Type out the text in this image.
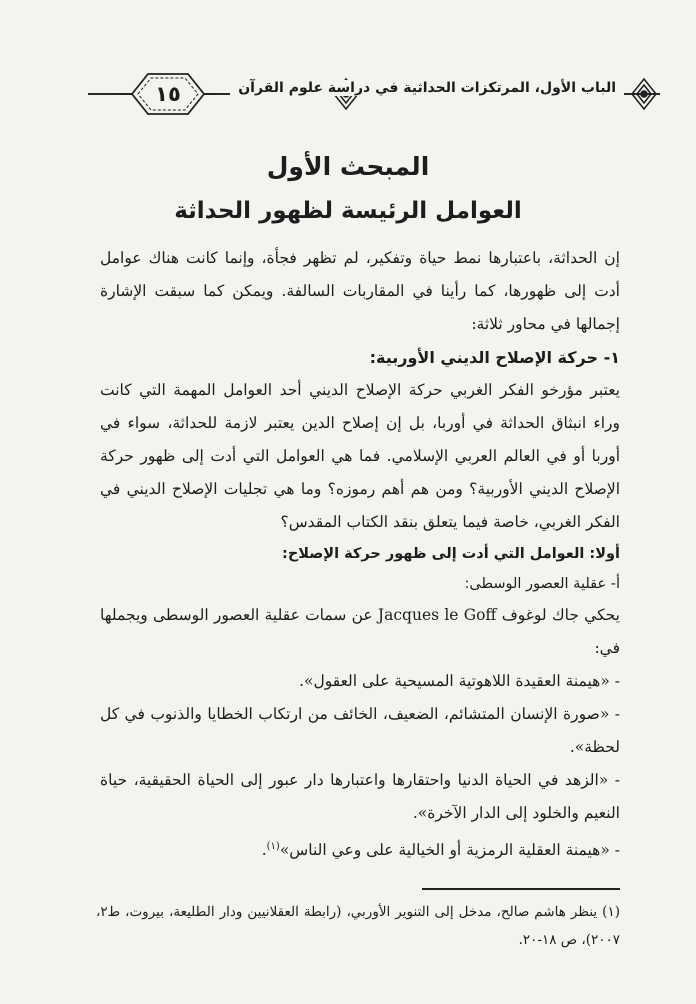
١٥	الباب الأول، المرتكزات الحداثية في دراسة علوم القرآن
المبحث الأول
العوامل الرئيسة لظهور الحداثة

إن الحداثة، باعتبارها نمط حياة وتفكير، لم تظهر فجأة، وإنما كانت هناك عوامل أدت إلى ظهورها، كما رأينا في المقاربات السالفة. ويمكن كما سبقت الإشارة إجمالها في محاور ثلاثة:

١- حركة الإصلاح الديني الأوربية:

يعتبر مؤرخو الفكر الغربي حركة الإصلاح الديني أحد العوامل المهمة التي كانت وراء انبثاق الحداثة في أوربا، بل إن إصلاح الدين يعتبر لازمة للحداثة، سواء في أوربا أو في العالم العربي الإسلامي. فما هي العوامل التي أدت إلى ظهور حركة الإصلاح الديني الأوربية؟ ومن هم أهم رموزه؟ وما هي تجليات الإصلاح الديني في الفكر الغربي، خاصة فيما يتعلق بنقد الكتاب المقدس؟

أولا: العوامل التي أدت إلى ظهور حركة الإصلاح:

أ- عقلية العصور الوسطى:

يحكي جاك لوغوف Jacques le Goff عن سمات عقلية العصور الوسطى ويجملها في:

- «هيمنة العقيدة اللاهوتية المسيحية على العقول».

- «صورة الإنسان المتشائم، الضعيف، الخائف من ارتكاب الخطايا والذنوب في كل لحظة».

- «الزهد في الحياة الدنيا واحتقارها واعتبارها دار عبور إلى الحياة الحقيقية، حياة النعيم والخلود إلى الدار الآخرة».

- «هيمنة العقلية الرمزية أو الخيالية على وعي الناس»$^{(١)}$.

(١) ينظر هاشم صالح، مدخل إلى التنوير الأوربي، (رابطة العقلانيين ودار الطليعة، بيروت، ط٢، ٢٠٠٧)، ص ١٨-٢٠.
